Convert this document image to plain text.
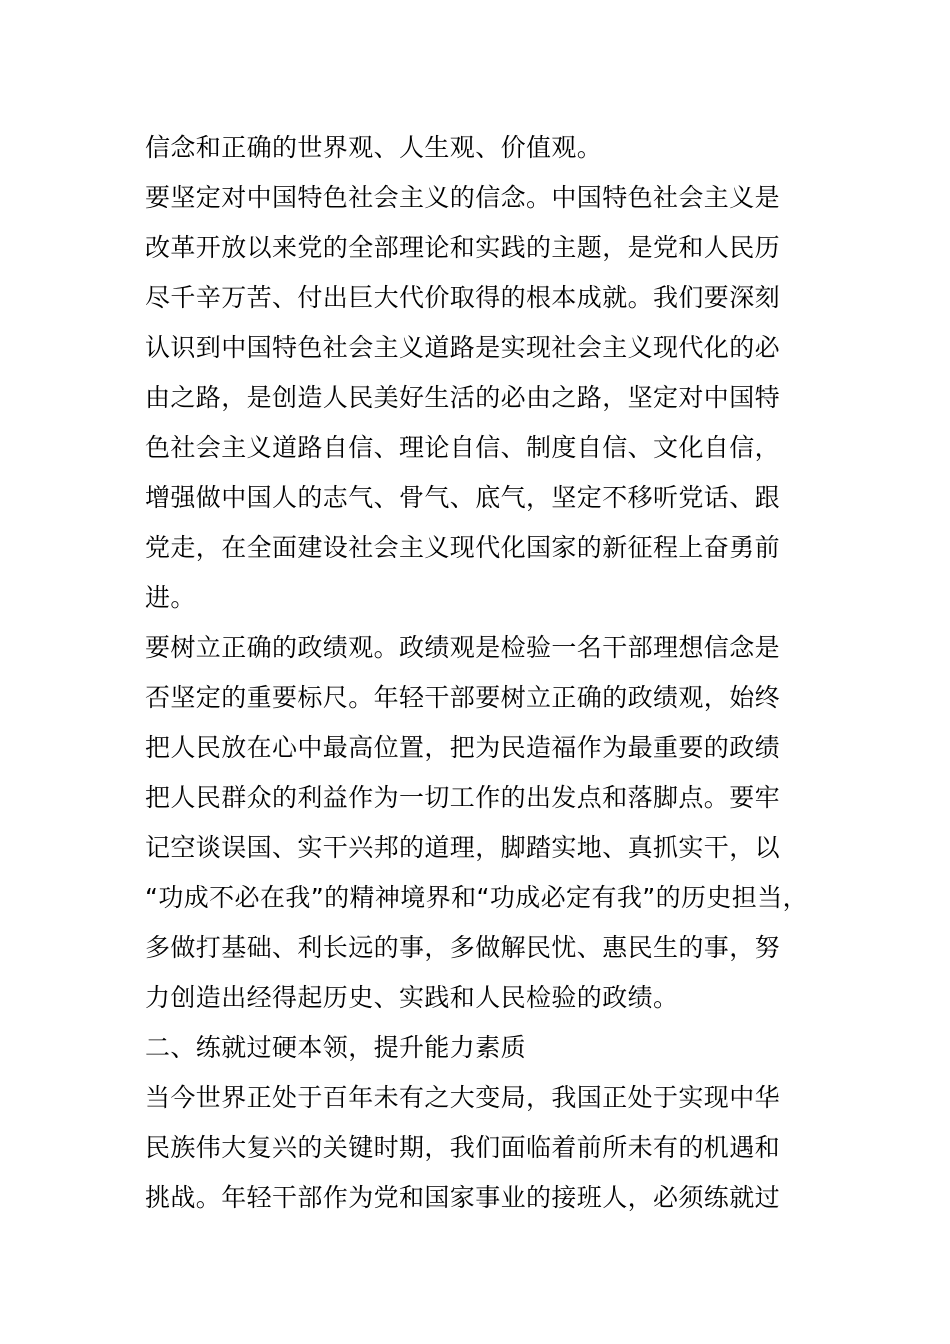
信念和正确的世界观、人生观、价值观。
要坚定对中国特色社会主义的信念。中国特色社会主义是
改革开放以来党的全部理论和实践的主题，是党和人民历
尽千辛万苦、付出巨大代价取得的根本成就。我们要深刻
认识到中国特色社会主义道路是实现社会主义现代化的必
由之路，是创造人民美好生活的必由之路，坚定对中国特
色社会主义道路自信、理论自信、制度自信、文化自信，
增强做中国人的志气、骨气、底气，坚定不移听党话、跟
党走，在全面建设社会主义现代化国家的新征程上奋勇前
进。
要树立正确的政绩观。政绩观是检验一名干部理想信念是
否坚定的重要标尺。年轻干部要树立正确的政绩观，始终
把人民放在心中最高位置，把为民造福作为最重要的政绩
把人民群众的利益作为一切工作的出发点和落脚点。要牢
记空谈误国、实干兴邦的道理，脚踏实地、真抓实干，以
“功成不必在我”的精神境界和“功成必定有我”的历史担当，
多做打基础、利长远的事，多做解民忧、惠民生的事，努
力创造出经得起历史、实践和人民检验的政绩。
二、练就过硬本领，提升能力素质
当今世界正处于百年未有之大变局，我国正处于实现中华
民族伟大复兴的关键时期，我们面临着前所未有的机遇和
挑战。年轻干部作为党和国家事业的接班人，必须练就过
